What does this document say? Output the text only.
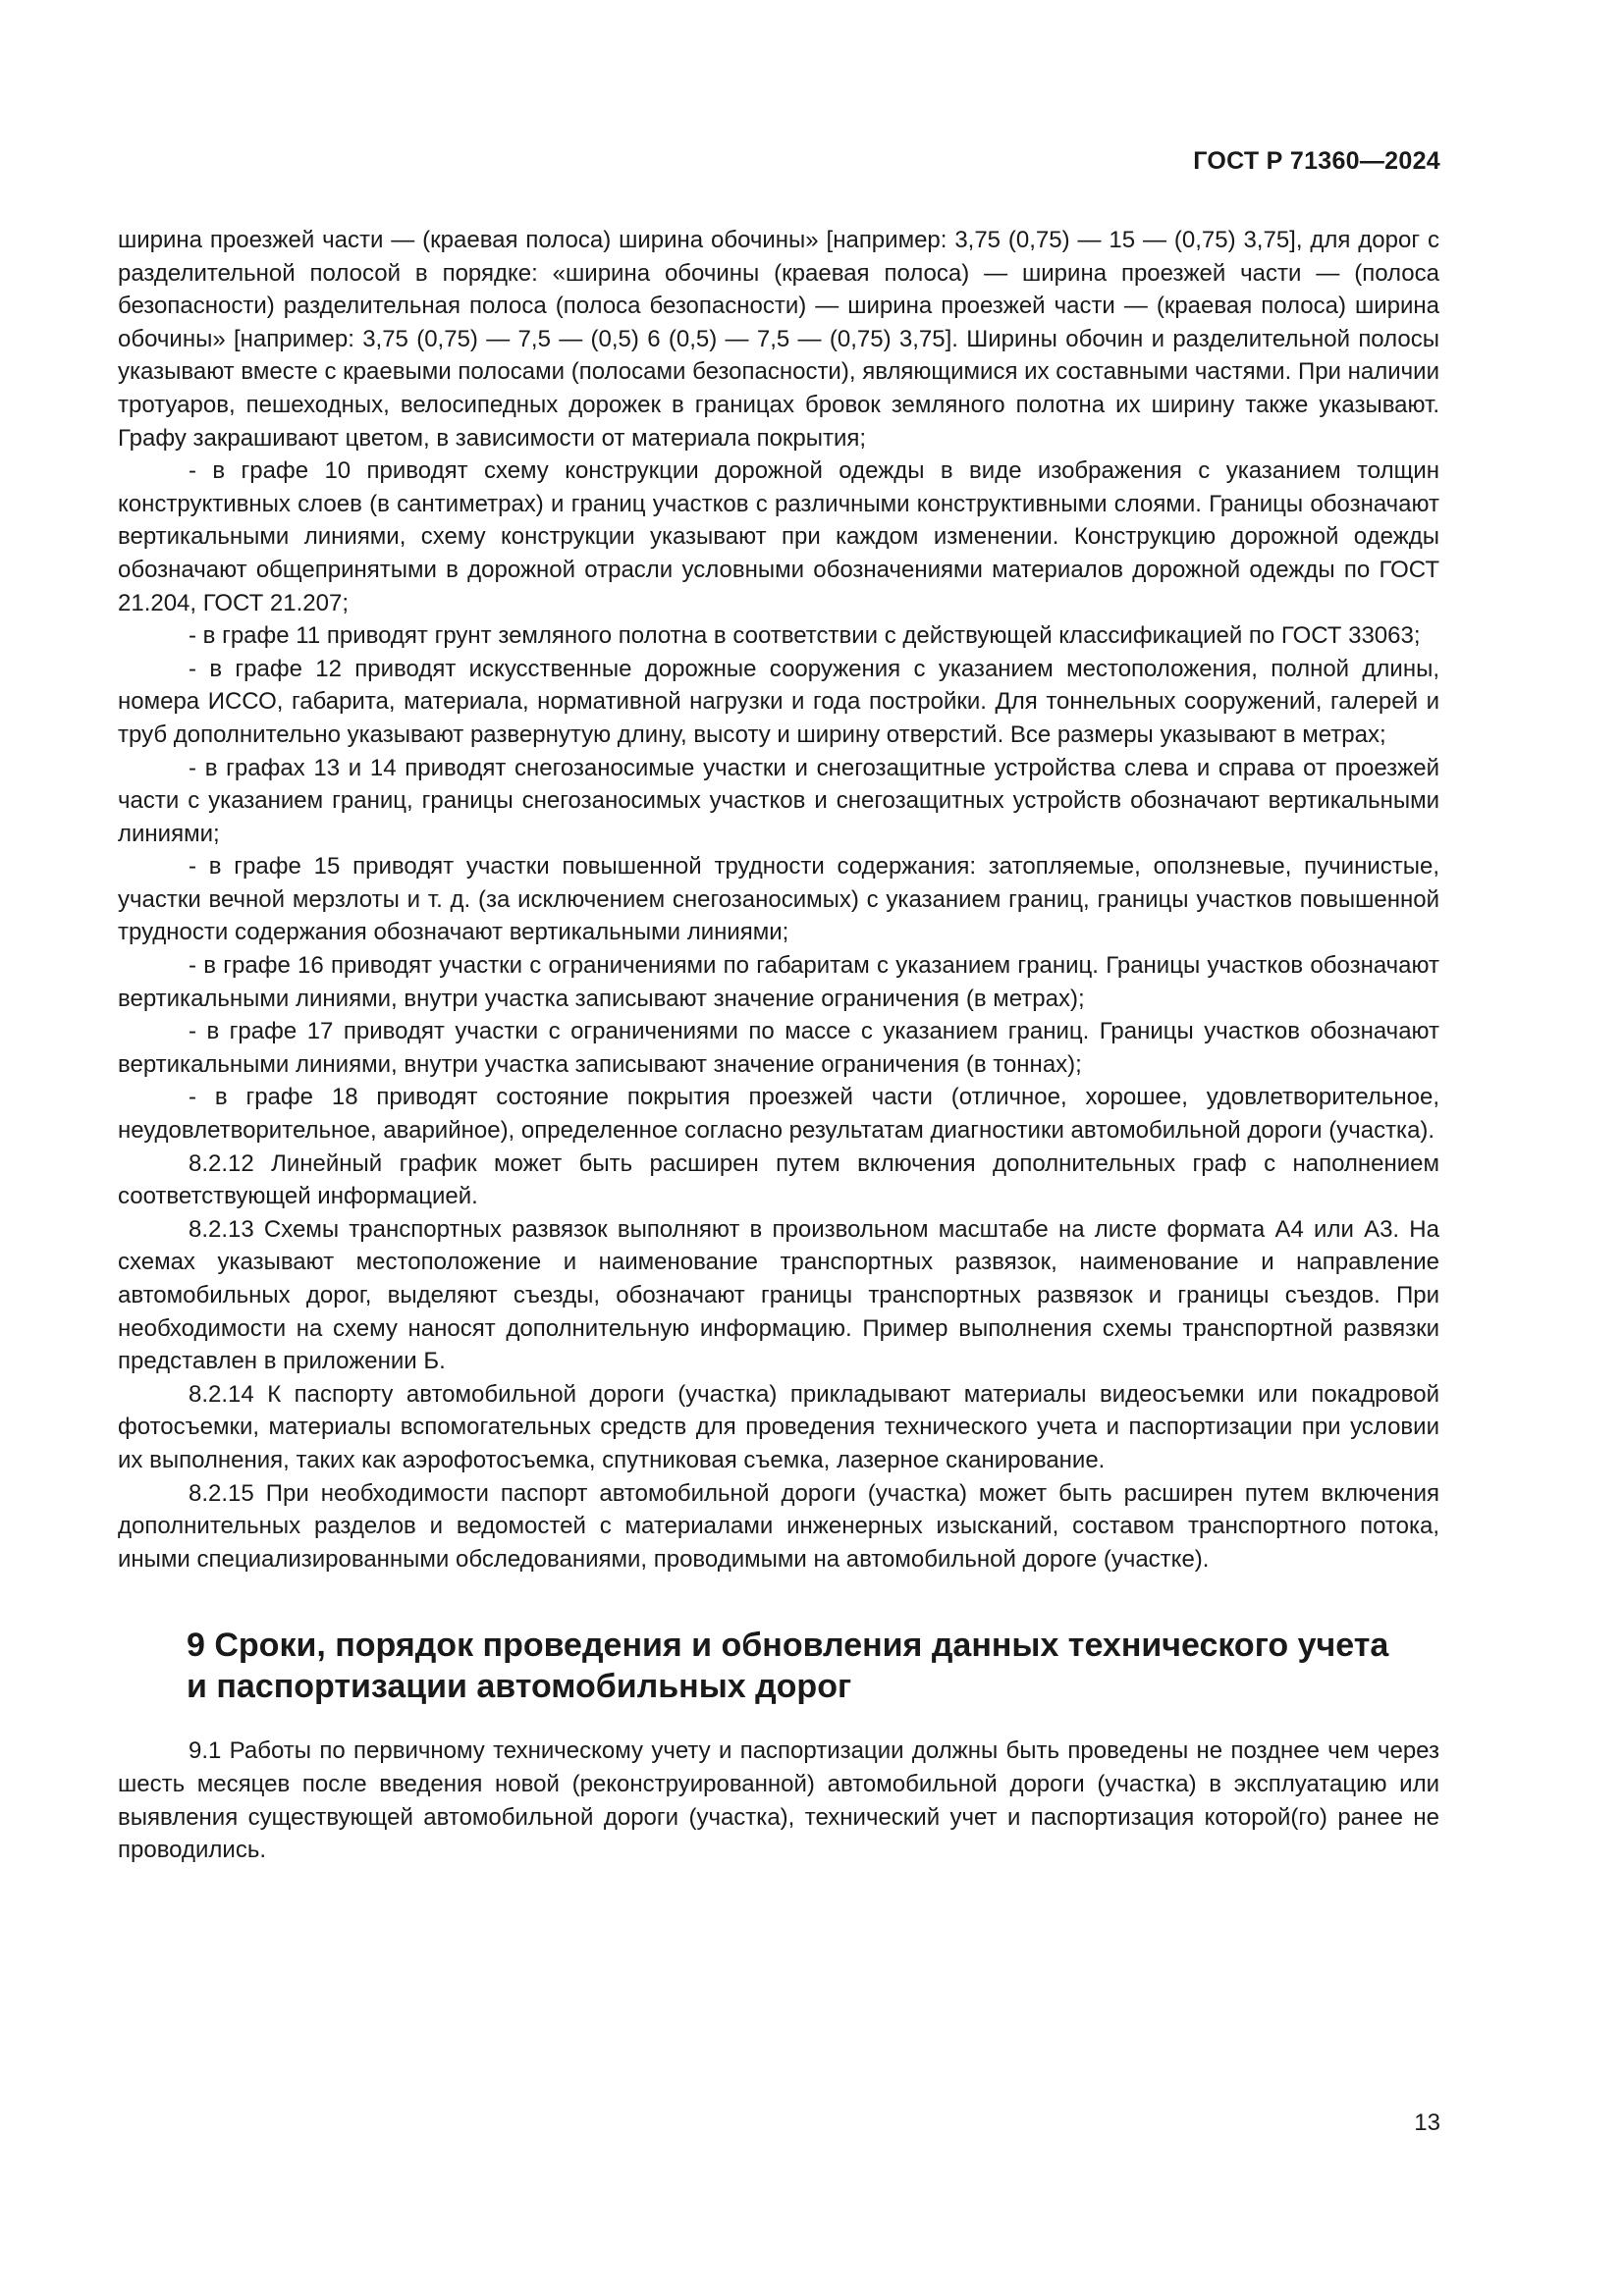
ГОСТ Р 71360—2024

ширина проезжей части — (краевая полоса) ширина обочины» [например: 3,75 (0,75) — 15 — (0,75) 3,75], для дорог с разделительной полосой в порядке: «ширина обочины (краевая полоса) — ширина проезжей части — (полоса безопасности) разделительная полоса (полоса безопасности) — ширина проезжей части — (краевая полоса) ширина обочины» [например: 3,75 (0,75) — 7,5 — (0,5) 6 (0,5) — 7,5 — (0,75) 3,75]. Ширины обочин и разделительной полосы указывают вместе с краевыми полосами (полосами безопасности), являющимися их составными частями. При наличии тротуаров, пешеходных, велосипедных дорожек в границах бровок земляного полотна их ширину также указывают. Графу закрашивают цветом, в зависимости от материала покрытия;

- в графе 10 приводят схему конструкции дорожной одежды в виде изображения с указанием толщин конструктивных слоев (в сантиметрах) и границ участков с различными конструктивными слоями. Границы обозначают вертикальными линиями, схему конструкции указывают при каждом изменении. Конструкцию дорожной одежды обозначают общепринятыми в дорожной отрасли условными обозначениями материалов дорожной одежды по ГОСТ 21.204, ГОСТ 21.207;

- в графе 11 приводят грунт земляного полотна в соответствии с действующей классификацией по ГОСТ 33063;

- в графе 12 приводят искусственные дорожные сооружения с указанием местоположения, полной длины, номера ИССО, габарита, материала, нормативной нагрузки и года постройки. Для тоннельных сооружений, галерей и труб дополнительно указывают развернутую длину, высоту и ширину отверстий. Все размеры указывают в метрах;

- в графах 13 и 14 приводят снегозаносимые участки и снегозащитные устройства слева и справа от проезжей части с указанием границ, границы снегозаносимых участков и снегозащитных устройств обозначают вертикальными линиями;

- в графе 15 приводят участки повышенной трудности содержания: затопляемые, оползневые, пучинистые, участки вечной мерзлоты и т. д. (за исключением снегозаносимых) с указанием границ, границы участков повышенной трудности содержания обозначают вертикальными линиями;

- в графе 16 приводят участки с ограничениями по габаритам с указанием границ. Границы участков обозначают вертикальными линиями, внутри участка записывают значение ограничения (в метрах);

- в графе 17 приводят участки с ограничениями по массе с указанием границ. Границы участков обозначают вертикальными линиями, внутри участка записывают значение ограничения (в тоннах);

- в графе 18 приводят состояние покрытия проезжей части (отличное, хорошее, удовлетворительное, неудовлетворительное, аварийное), определенное согласно результатам диагностики автомобильной дороги (участка).

8.2.12 Линейный график может быть расширен путем включения дополнительных граф с наполнением соответствующей информацией.

8.2.13 Схемы транспортных развязок выполняют в произвольном масштабе на листе формата А4 или А3. На схемах указывают местоположение и наименование транспортных развязок, наименование и направление автомобильных дорог, выделяют съезды, обозначают границы транспортных развязок и границы съездов. При необходимости на схему наносят дополнительную информацию. Пример выполнения схемы транспортной развязки представлен в приложении Б.

8.2.14 К паспорту автомобильной дороги (участка) прикладывают материалы видеосъемки или покадровой фотосъемки, материалы вспомогательных средств для проведения технического учета и паспортизации при условии их выполнения, таких как аэрофотосъемка, спутниковая съемка, лазерное сканирование.

8.2.15 При необходимости паспорт автомобильной дороги (участка) может быть расширен путем включения дополнительных разделов и ведомостей с материалами инженерных изысканий, составом транспортного потока, иными специализированными обследованиями, проводимыми на автомобильной дороге (участке).

9 Сроки, порядок проведения и обновления данных технического учета
и паспортизации автомобильных дорог

9.1 Работы по первичному техническому учету и паспортизации должны быть проведены не позднее чем через шесть месяцев после введения новой (реконструированной) автомобильной дороги (участка) в эксплуатацию или выявления существующей автомобильной дороги (участка), технический учет и паспортизация которой(го) ранее не проводились.

13
